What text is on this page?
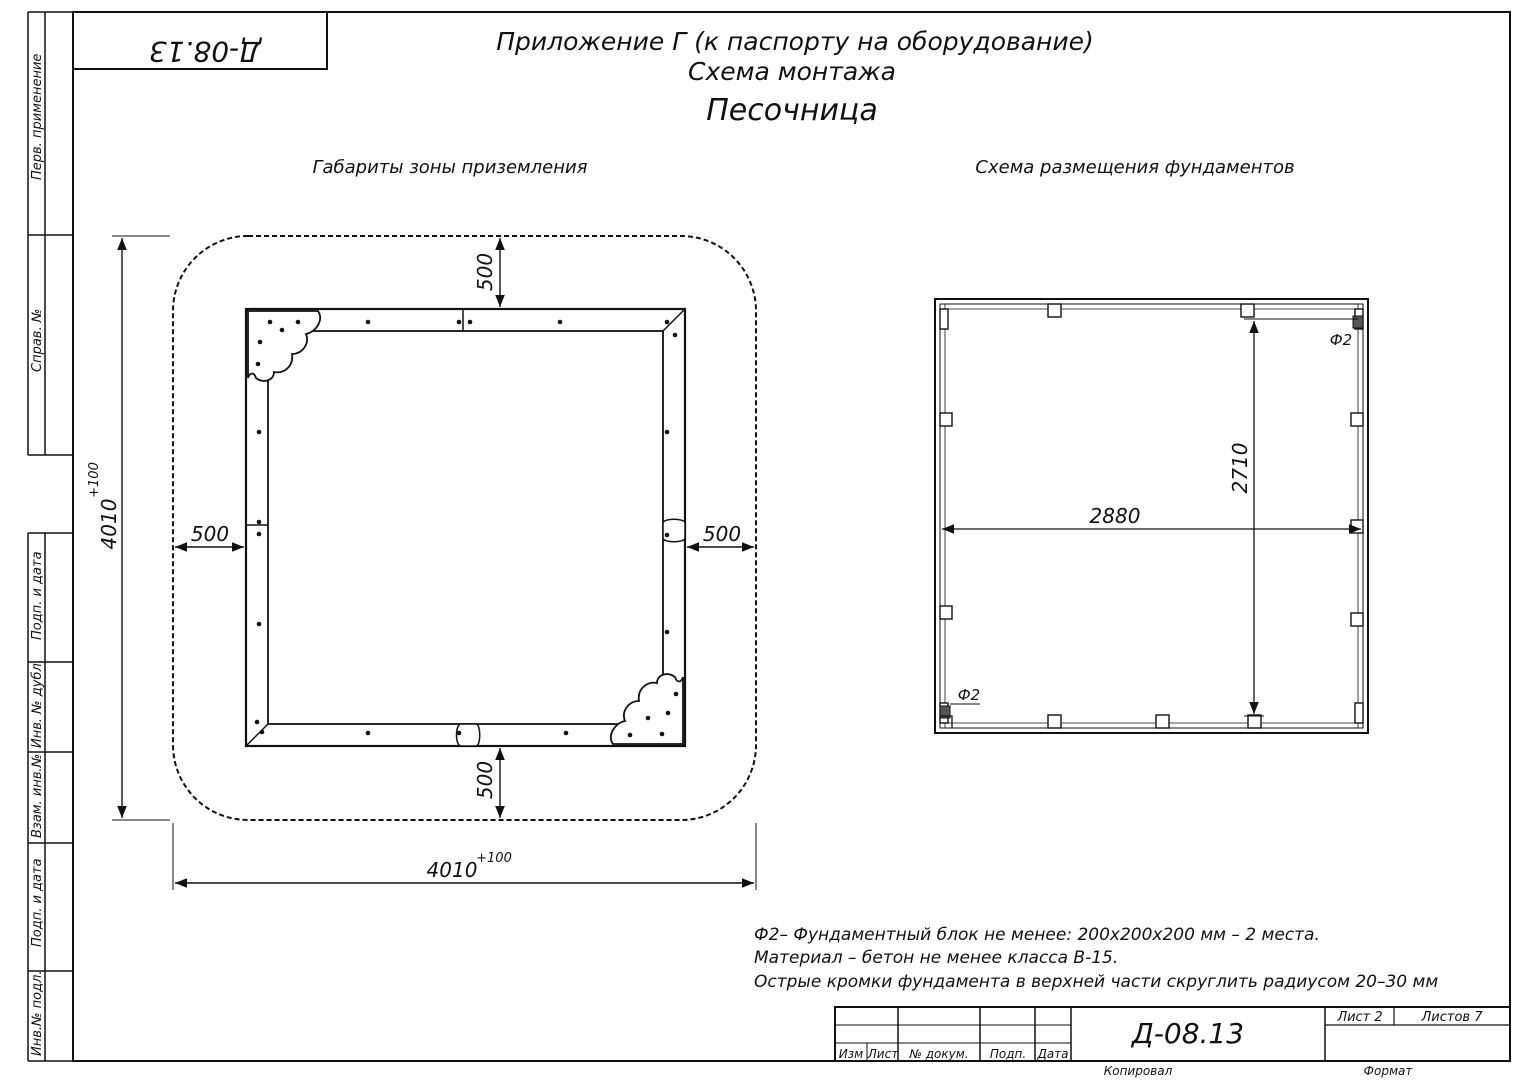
Перв. применение
Справ. №
Подп. и дата
Инв. № дубл.
Взам. инв.№
Подп. и дата
Инв.№ подл.
Д-08.13	Приложение Г (к паспорту на оборудование)
Схема монтажа
Песочница
Габариты зоны приземления
500
500
500	500
4010
+100
4010
+100
Схема размещения фундаментов
2880
2710
Ф2
Ф2
Ф2– Фундаментный блок не менее: 200х200х200 мм – 2 места.
Материал – бетон не менее класса В-15.
Острые кромки фундамента в верхней части скруглить радиусом 20–30 мм
Д-08.13	Лист 2	Листов 7
Изм Лист № докум. Подп. Дата
Копировал	Формат
